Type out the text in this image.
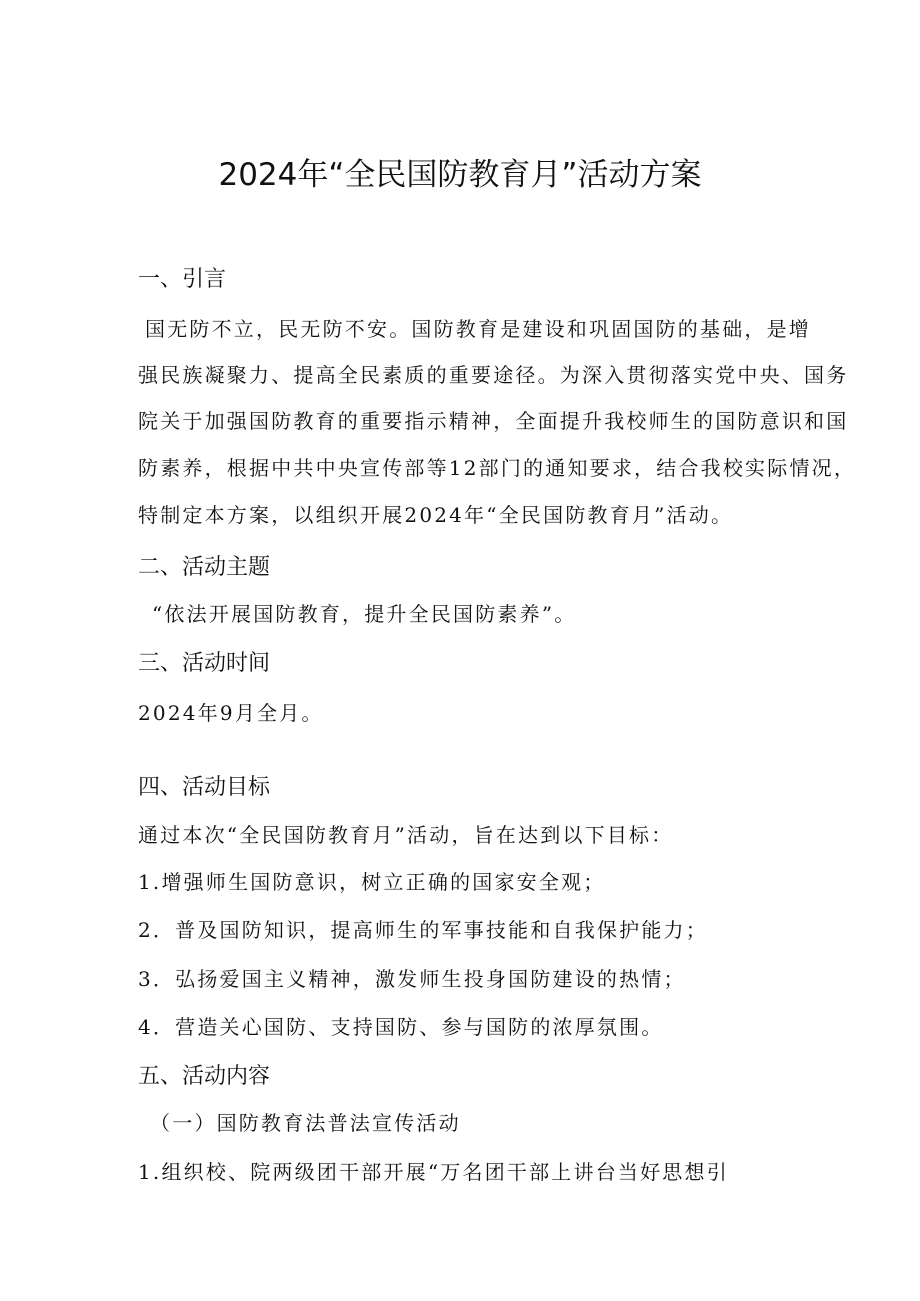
2024年“全民国防教育月”活动方案
一、引言
国无防不立，民无防不安。国防教育是建设和巩固国防的基础，是增
强民族凝聚力、提高全民素质的重要途径。为深入贯彻落实党中央、国务
院关于加强国防教育的重要指示精神，全面提升我校师生的国防意识和国
防素养，根据中共中央宣传部等12部门的通知要求，结合我校实际情况，
特制定本方案，以组织开展2024年“全民国防教育月”活动。
二、活动主题
“依法开展国防教育，提升全民国防素养”。
三、活动时间
2024年9月全月。
四、活动目标
通过本次“全民国防教育月”活动，旨在达到以下目标：
1.增强师生国防意识，树立正确的国家安全观；
2．普及国防知识，提高师生的军事技能和自我保护能力；
3．弘扬爱国主义精神，激发师生投身国防建设的热情；
4．营造关心国防、支持国防、参与国防的浓厚氛围。
五、活动内容
（一）国防教育法普法宣传活动
1.组织校、院两级团干部开展“万名团干部上讲台当好思想引
